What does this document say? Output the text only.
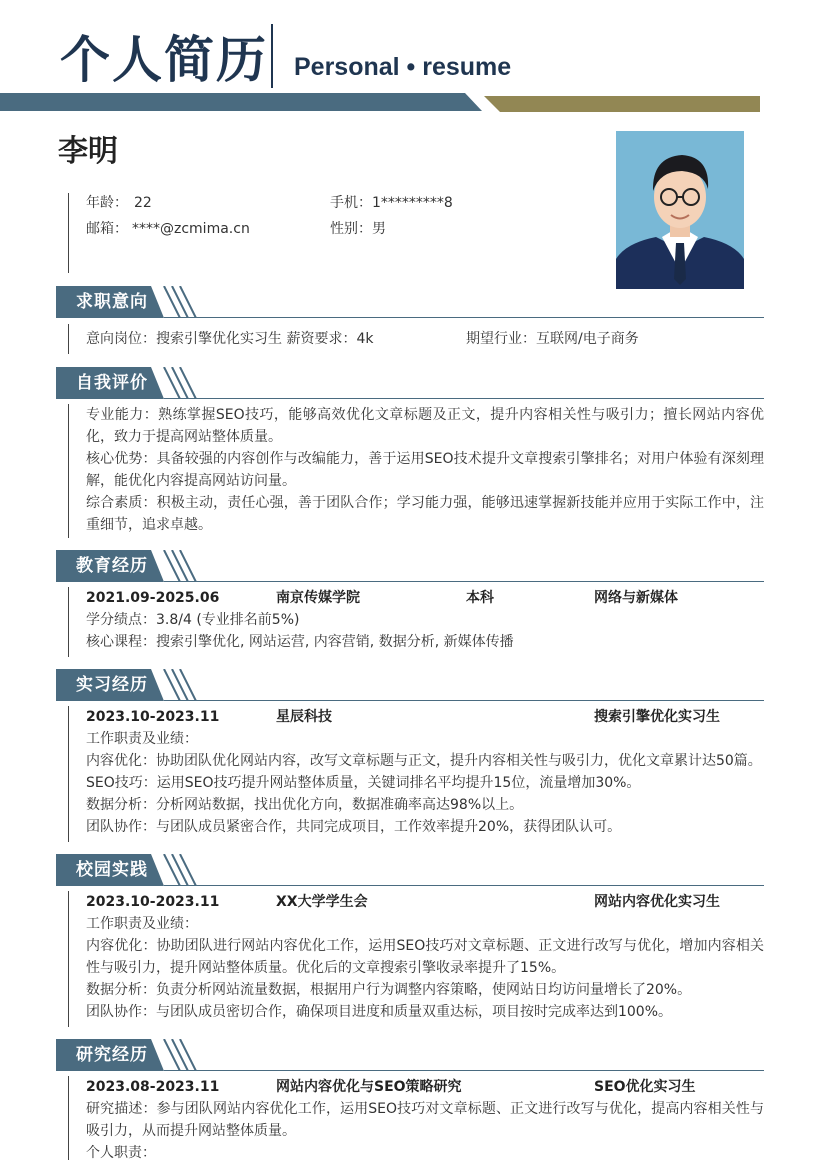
个人简历 Personal • resume
李明
年龄： 22	手机：1*********8
邮箱： ****@zcmima.cn	性别：男
求职意向
意向岗位：搜索引擎优化实习生 薪资要求：4k	期望行业：互联网/电子商务
自我评价
专业能力：熟练掌握SEO技巧，能够高效优化文章标题及正文，提升内容相关性与吸引力；擅长网站内容优化，致力于提高网站整体质量。
核心优势：具备较强的内容创作与改编能力，善于运用SEO技术提升文章搜索引擎排名；对用户体验有深刻理解，能优化内容提高网站访问量。
综合素质：积极主动，责任心强，善于团队合作；学习能力强，能够迅速掌握新技能并应用于实际工作中，注重细节，追求卓越。
教育经历
2021.09-2025.06	南京传媒学院	本科	网络与新媒体
学分绩点：3.8/4 (专业排名前5%)
核心课程：搜索引擎优化, 网站运营, 内容营销, 数据分析, 新媒体传播
实习经历
2023.10-2023.11	星辰科技	搜索引擎优化实习生
工作职责及业绩：
内容优化：协助团队优化网站内容，改写文章标题与正文，提升内容相关性与吸引力，优化文章累计达50篇。
SEO技巧：运用SEO技巧提升网站整体质量，关键词排名平均提升15位，流量增加30%。
数据分析：分析网站数据，找出优化方向，数据准确率高达98%以上。
团队协作：与团队成员紧密合作，共同完成项目，工作效率提升20%，获得团队认可。
校园实践
2023.10-2023.11	XX大学学生会	网站内容优化实习生
工作职责及业绩：
内容优化：协助团队进行网站内容优化工作，运用SEO技巧对文章标题、正文进行改写与优化，增加内容相关性与吸引力，提升网站整体质量。优化后的文章搜索引擎收录率提升了15%。
数据分析：负责分析网站流量数据，根据用户行为调整内容策略，使网站日均访问量增长了20%。
团队协作：与团队成员密切合作，确保项目进度和质量双重达标，项目按时完成率达到100%。
研究经历
2023.08-2023.11	网站内容优化与SEO策略研究	SEO优化实习生
研究描述：参与团队网站内容优化工作，运用SEO技巧对文章标题、正文进行改写与优化，提高内容相关性与吸引力，从而提升网站整体质量。
个人职责：
